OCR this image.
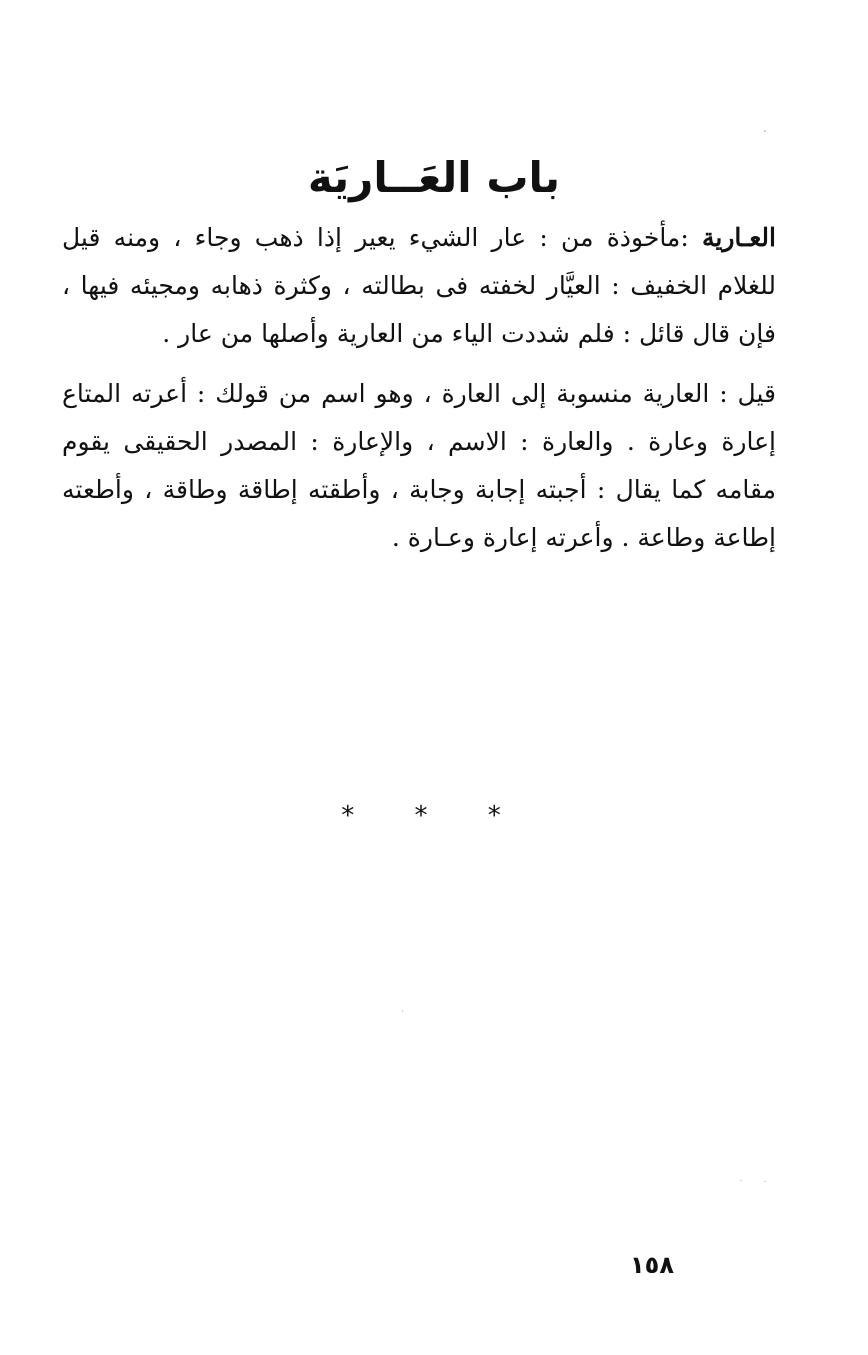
باب العَــاريَة

العـارية :مأخوذة من : عار الشيء يعير إذا ذهب وجاء ، ومنه قيل للغلام الخفيف : العيَّار لخفته فى بطالته ، وكثرة ذهابه ومجيئه فيها ، فإن قال قائل : فلم شددت الياء من العارية وأصلها من عار .

قيل : العارية منسوبة إلى العارة ، وهو اسم من قولك : أعرته المتاع إعارة وعارة . والعارة : الاسم ، والإعارة : المصدر الحقيقى يقوم مقامه كما يقال : أجبته إجابة وجابة ، وأطقته إطاقة وطاقة ، وأطعته إطاعة وطاعة . وأعرته إعارة وعـارة .

* * *
١٥٨
